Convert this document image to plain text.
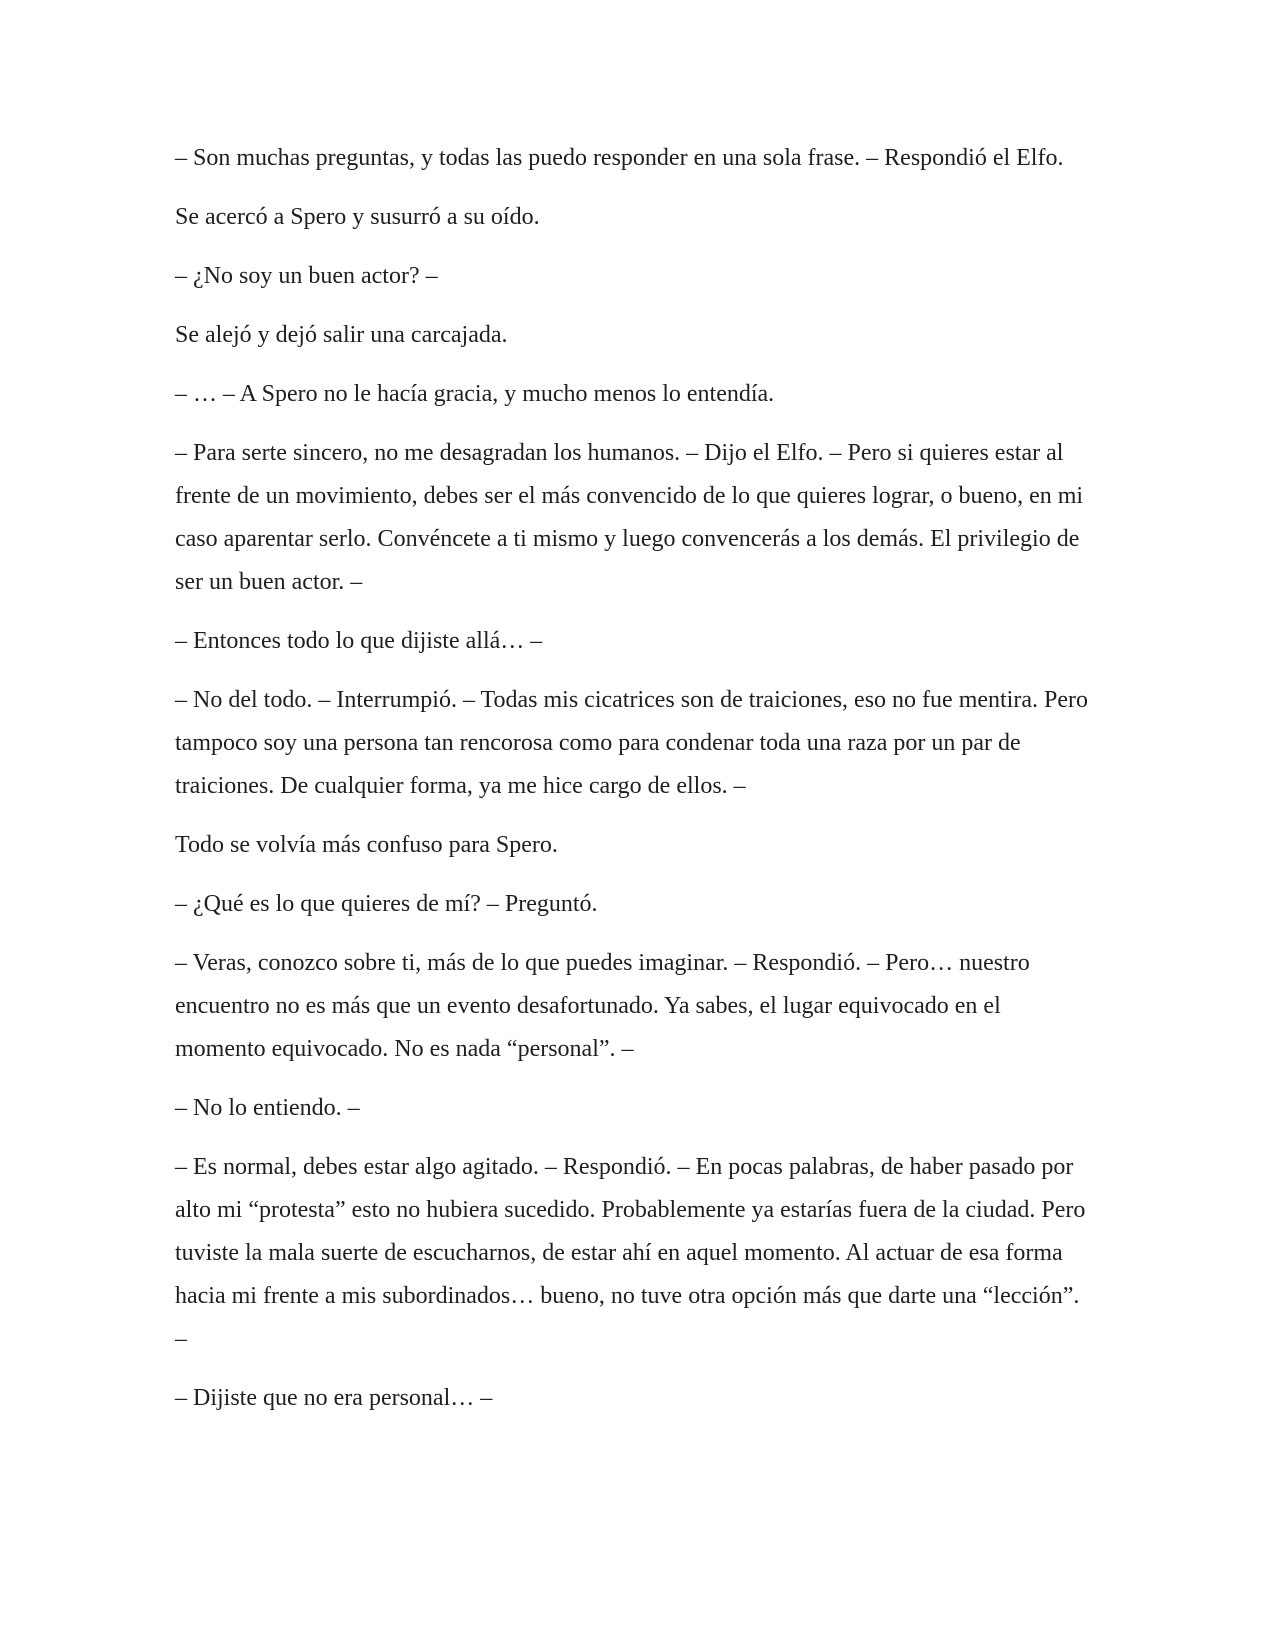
– Son muchas preguntas, y todas las puedo responder en una sola frase. – Respondió el Elfo.

Se acercó a Spero y susurró a su oído.

– ¿No soy un buen actor? –

Se alejó y dejó salir una carcajada.

– … – A Spero no le hacía gracia, y mucho menos lo entendía.

– Para serte sincero, no me desagradan los humanos. – Dijo el Elfo. – Pero si quieres estar al frente de un movimiento, debes ser el más convencido de lo que quieres lograr, o bueno, en mi caso aparentar serlo. Convéncete a ti mismo y luego convencerás a los demás. El privilegio de ser un buen actor. –

– Entonces todo lo que dijiste allá… –

– No del todo. – Interrumpió. – Todas mis cicatrices son de traiciones, eso no fue mentira. Pero tampoco soy una persona tan rencorosa como para condenar toda una raza por un par de traiciones. De cualquier forma, ya me hice cargo de ellos. –

Todo se volvía más confuso para Spero.

– ¿Qué es lo que quieres de mí? – Preguntó.

– Veras, conozco sobre ti, más de lo que puedes imaginar. – Respondió. – Pero… nuestro encuentro no es más que un evento desafortunado. Ya sabes, el lugar equivocado en el momento equivocado. No es nada “personal”. –

– No lo entiendo. –

– Es normal, debes estar algo agitado. – Respondió. – En pocas palabras, de haber pasado por alto mi “protesta” esto no hubiera sucedido. Probablemente ya estarías fuera de la ciudad. Pero tuviste la mala suerte de escucharnos, de estar ahí en aquel momento. Al actuar de esa forma hacia mi frente a mis subordinados… bueno, no tuve otra opción más que darte una “lección”. –

– Dijiste que no era personal… –
